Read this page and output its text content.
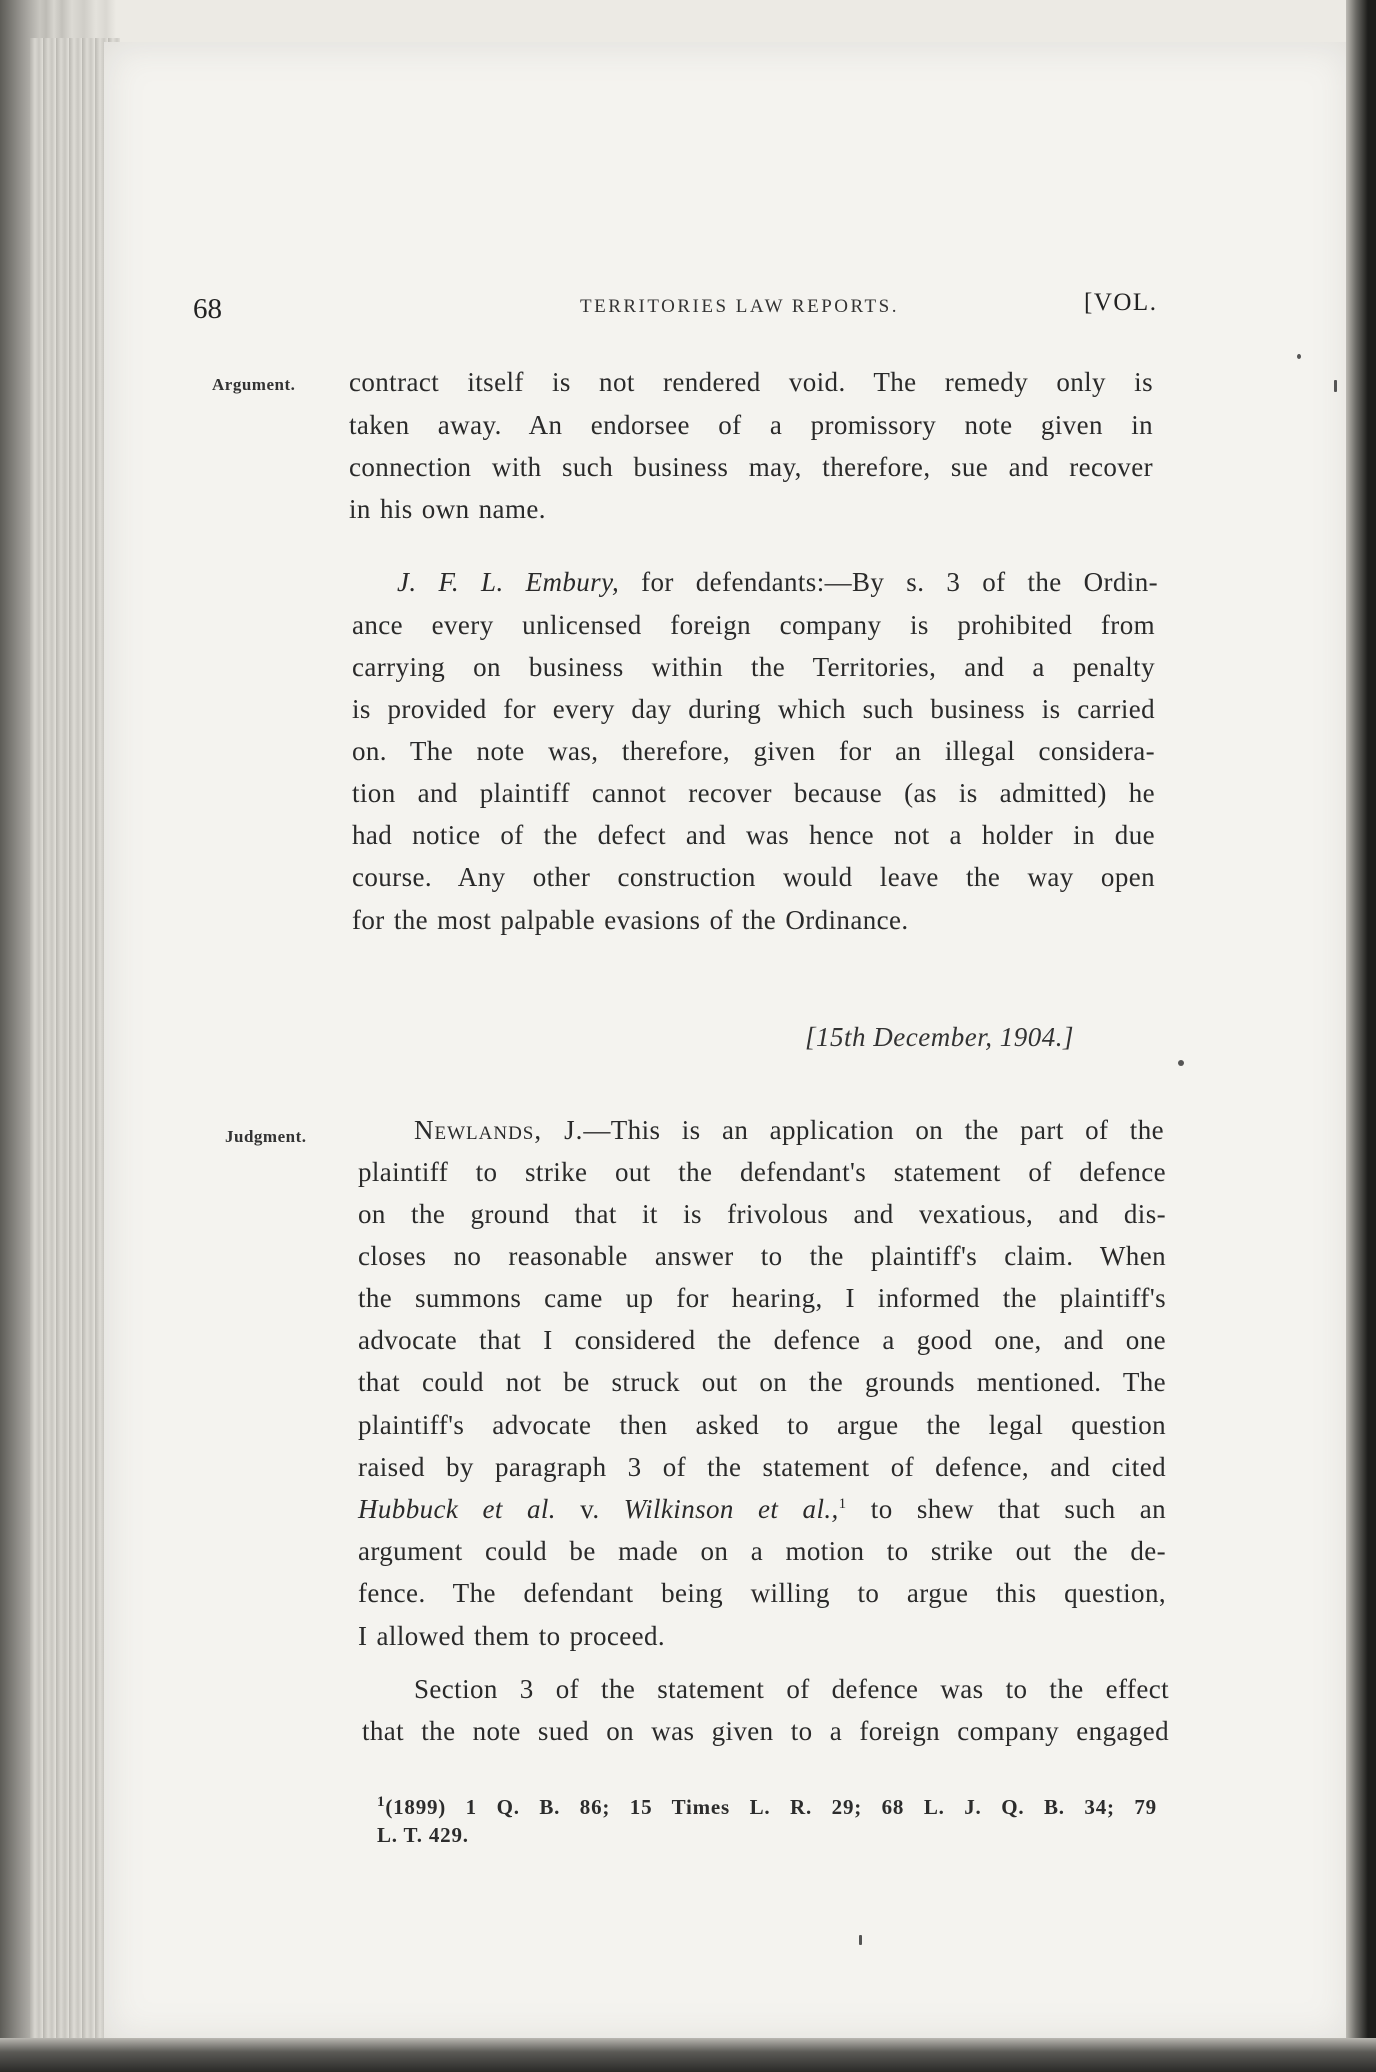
68	TERRITORIES LAW REPORTS.	[VOL.
Argument.
Judgment.
contract itself is not rendered void. The remedy only is
taken away. An endorsee of a promissory note given in
connection with such business may, therefore, sue and recover
in his own name.
J. F. L. Embury, for defendants:—By s. 3 of the Ordin-
ance every unlicensed foreign company is prohibited from
carrying on business within the Territories, and a penalty
is provided for every day during which such business is carried
on. The note was, therefore, given for an illegal considera-
tion and plaintiff cannot recover because (as is admitted) he
had notice of the defect and was hence not a holder in due
course. Any other construction would leave the way open
for the most palpable evasions of the Ordinance.
[15th December, 1904.]
Newlands, J.—This is an application on the part of the
plaintiff to strike out the defendant's statement of defence
on the ground that it is frivolous and vexatious, and dis-
closes no reasonable answer to the plaintiff's claim. When
the summons came up for hearing, I informed the plaintiff's
advocate that I considered the defence a good one, and one
that could not be struck out on the grounds mentioned. The
plaintiff's advocate then asked to argue the legal question
raised by paragraph 3 of the statement of defence, and cited
Hubbuck et al. v. Wilkinson et al.,$^1$ to shew that such an
argument could be made on a motion to strike out the de-
fence. The defendant being willing to argue this question,
I allowed them to proceed.
Section 3 of the statement of defence was to the effect
that the note sued on was given to a foreign company engaged
$^1$(1899) 1 Q. B. 86; 15 Times L. R. 29; 68 L. J. Q. B. 34; 79
L. T. 429.
